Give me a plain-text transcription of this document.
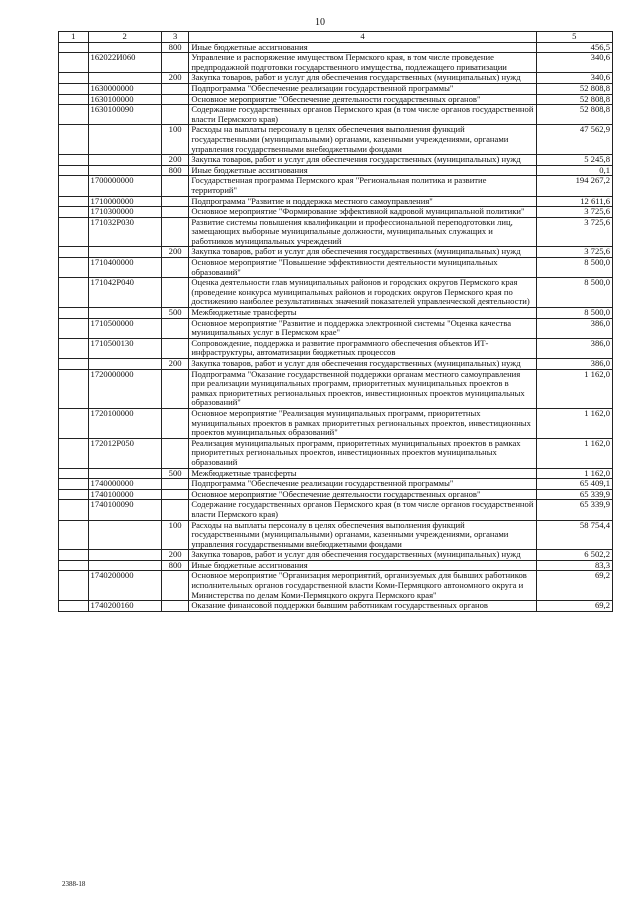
10
1	2	3	4	5
		800	Иные бюджетные ассигнования	456,5
	162022И060		Управление и распоряжение имуществом Пермского края, в том числе проведение предпродажной подготовки государственного имущества, подлежащего приватизации	340,6
		200	Закупка товаров, работ и услуг для обеспечения государственных (муниципальных) нужд	340,6
	1630000000		Подпрограмма "Обеспечение реализации государственной программы"	52 808,8
	1630100000		Основное мероприятие "Обеспечение деятельности государственных органов"	52 808,8
	1630100090		Содержание государственных органов Пермского края (в том числе органов государственной власти Пермского края)	52 808,8
		100	Расходы на выплаты персоналу в целях обеспечения выполнения функций государственными (муниципальными) органами, казенными учреждениями, органами управления государственными внебюджетными фондами	47 562,9
		200	Закупка товаров, работ и услуг для обеспечения государственных (муниципальных) нужд	5 245,8
		800	Иные бюджетные ассигнования	0,1
	1700000000		Государственная программа Пермского края "Региональная политика и развитие территорий"	194 267,2
	1710000000		Подпрограмма "Развитие и поддержка местного самоуправления"	12 611,6
	1710300000		Основное мероприятие "Формирование эффективной кадровой муниципальной политики"	3 725,6
	171032Р030		Развитие системы повышения квалификации и профессиональной переподготовки лиц, замещающих выборные муниципальные должности, муниципальных служащих и работников муниципальных учреждений	3 725,6
		200	Закупка товаров, работ и услуг для обеспечения государственных (муниципальных) нужд	3 725,6
	1710400000		Основное мероприятие "Повышение эффективности деятельности муниципальных образований"	8 500,0
	171042Р040		Оценка деятельности глав муниципальных районов и городских округов Пермского края (проведение конкурса муниципальных районов и городских округов Пермского края по достижению наиболее результативных значений показателей управленческой деятельности)	8 500,0
		500	Межбюджетные трансферты	8 500,0
	1710500000		Основное мероприятие "Развитие и поддержка электронной системы "Оценка качества муниципальных услуг в Пермском крае"	386,0
	1710500130		Сопровождение, поддержка и развитие программного обеспечения объектов ИТ-инфраструктуры, автоматизации бюджетных процессов	386,0
		200	Закупка товаров, работ и услуг для обеспечения государственных (муниципальных) нужд	386,0
	1720000000		Подпрограмма "Оказание государственной поддержки органам местного самоуправления при реализации муниципальных программ, приоритетных муниципальных проектов в рамках приоритетных региональных проектов, инвестиционных проектов муниципальных образований"	1 162,0
	1720100000		Основное мероприятие "Реализация муниципальных программ, приоритетных муниципальных проектов в рамках приоритетных региональных проектов, инвестиционных проектов муниципальных образований"	1 162,0
	172012Р050		Реализация муниципальных программ, приоритетных муниципальных проектов в рамках приоритетных региональных проектов, инвестиционных проектов муниципальных образований	1 162,0
		500	Межбюджетные трансферты	1 162,0
	1740000000		Подпрограмма "Обеспечение реализации государственной программы"	65 409,1
	1740100000		Основное мероприятие "Обеспечение деятельности государственных органов"	65 339,9
	1740100090		Содержание государственных органов Пермского края (в том числе органов государственной власти Пермского края)	65 339,9
		100	Расходы на выплаты персоналу в целях обеспечения выполнения функций государственными (муниципальными) органами, казенными учреждениями, органами управления государственными внебюджетными фондами	58 754,4
		200	Закупка товаров, работ и услуг для обеспечения государственных (муниципальных) нужд	6 502,2
		800	Иные бюджетные ассигнования	83,3
	1740200000		Основное мероприятие "Организация мероприятий, организуемых для бывших работников исполнительных органов государственной власти Коми-Пермяцкого автономного округа и Министерства по делам Коми-Пермяцкого округа Пермского края"	69,2
	1740200160		Оказание финансовой поддержки бывшим работникам государственных органов	69,2
2388-18
